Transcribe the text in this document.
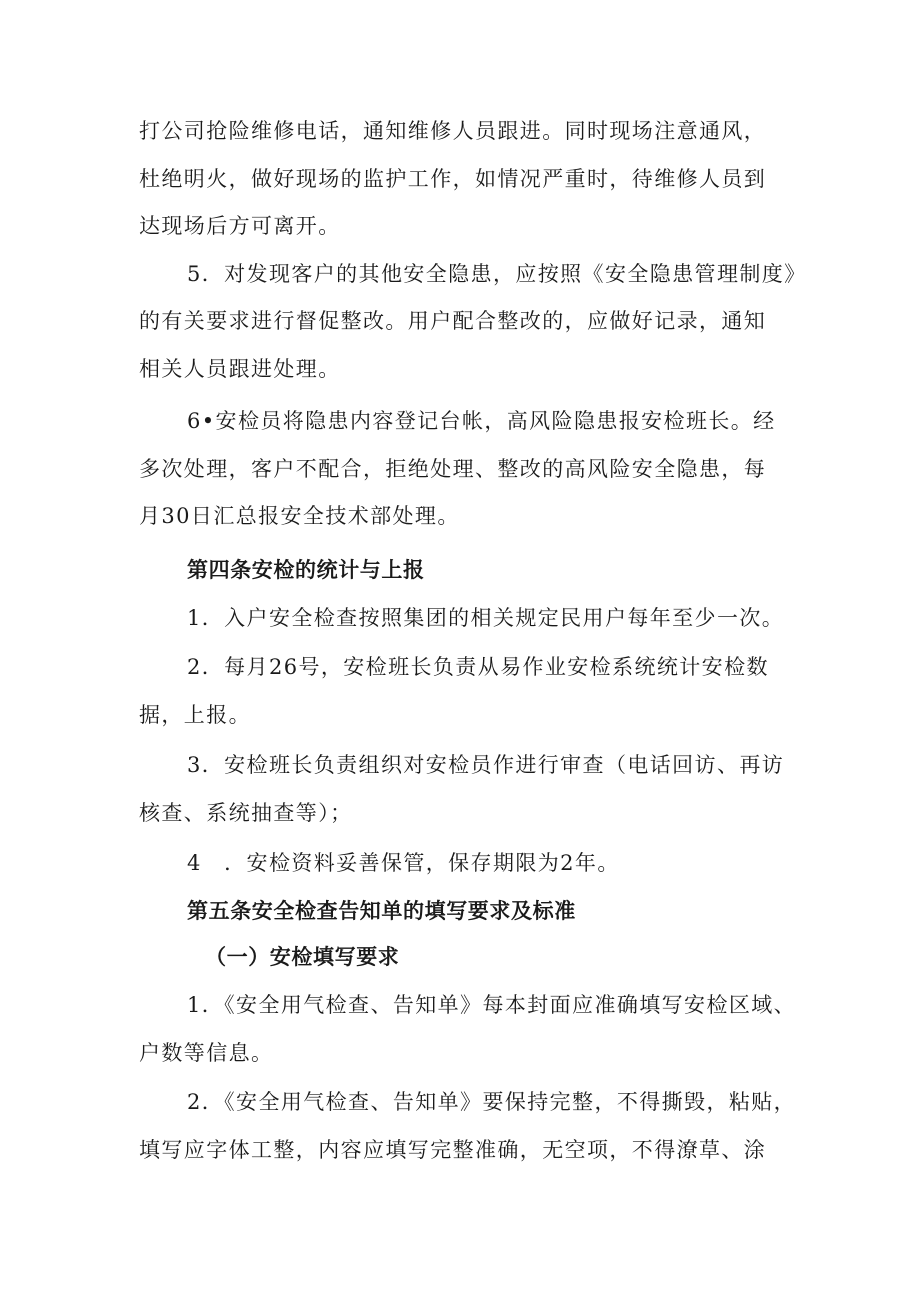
打公司抢险维修电话，通知维修人员跟进。同时现场注意通风，
杜绝明火，做好现场的监护工作，如情况严重时，待维修人员到
达现场后方可离开。
5．对发现客户的其他安全隐患，应按照《安全隐患管理制度》
的有关要求进行督促整改。用户配合整改的，应做好记录，通知
相关人员跟进处理。
6•安检员将隐患内容登记台帐，高风险隐患报安检班长。经
多次处理，客户不配合，拒绝处理、整改的高风险安全隐患，每
月30日汇总报安全技术部处理。
第四条安检的统计与上报
1．入户安全检查按照集团的相关规定民用户每年至少一次。
2．每月26号，安检班长负责从易作业安检系统统计安检数
据，上报。
3．安检班长负责组织对安检员作进行审查（电话回访、再访
核查、系统抽查等）；
4　．安检资料妥善保管，保存期限为2年。
第五条安全检查告知单的填写要求及标准
（一）安检填写要求
1．《安全用气检查、告知单》每本封面应准确填写安检区域、
户数等信息。
2．《安全用气检查、告知单》要保持完整，不得撕毁，粘贴，
填写应字体工整，内容应填写完整准确，无空项，不得潦草、涂
